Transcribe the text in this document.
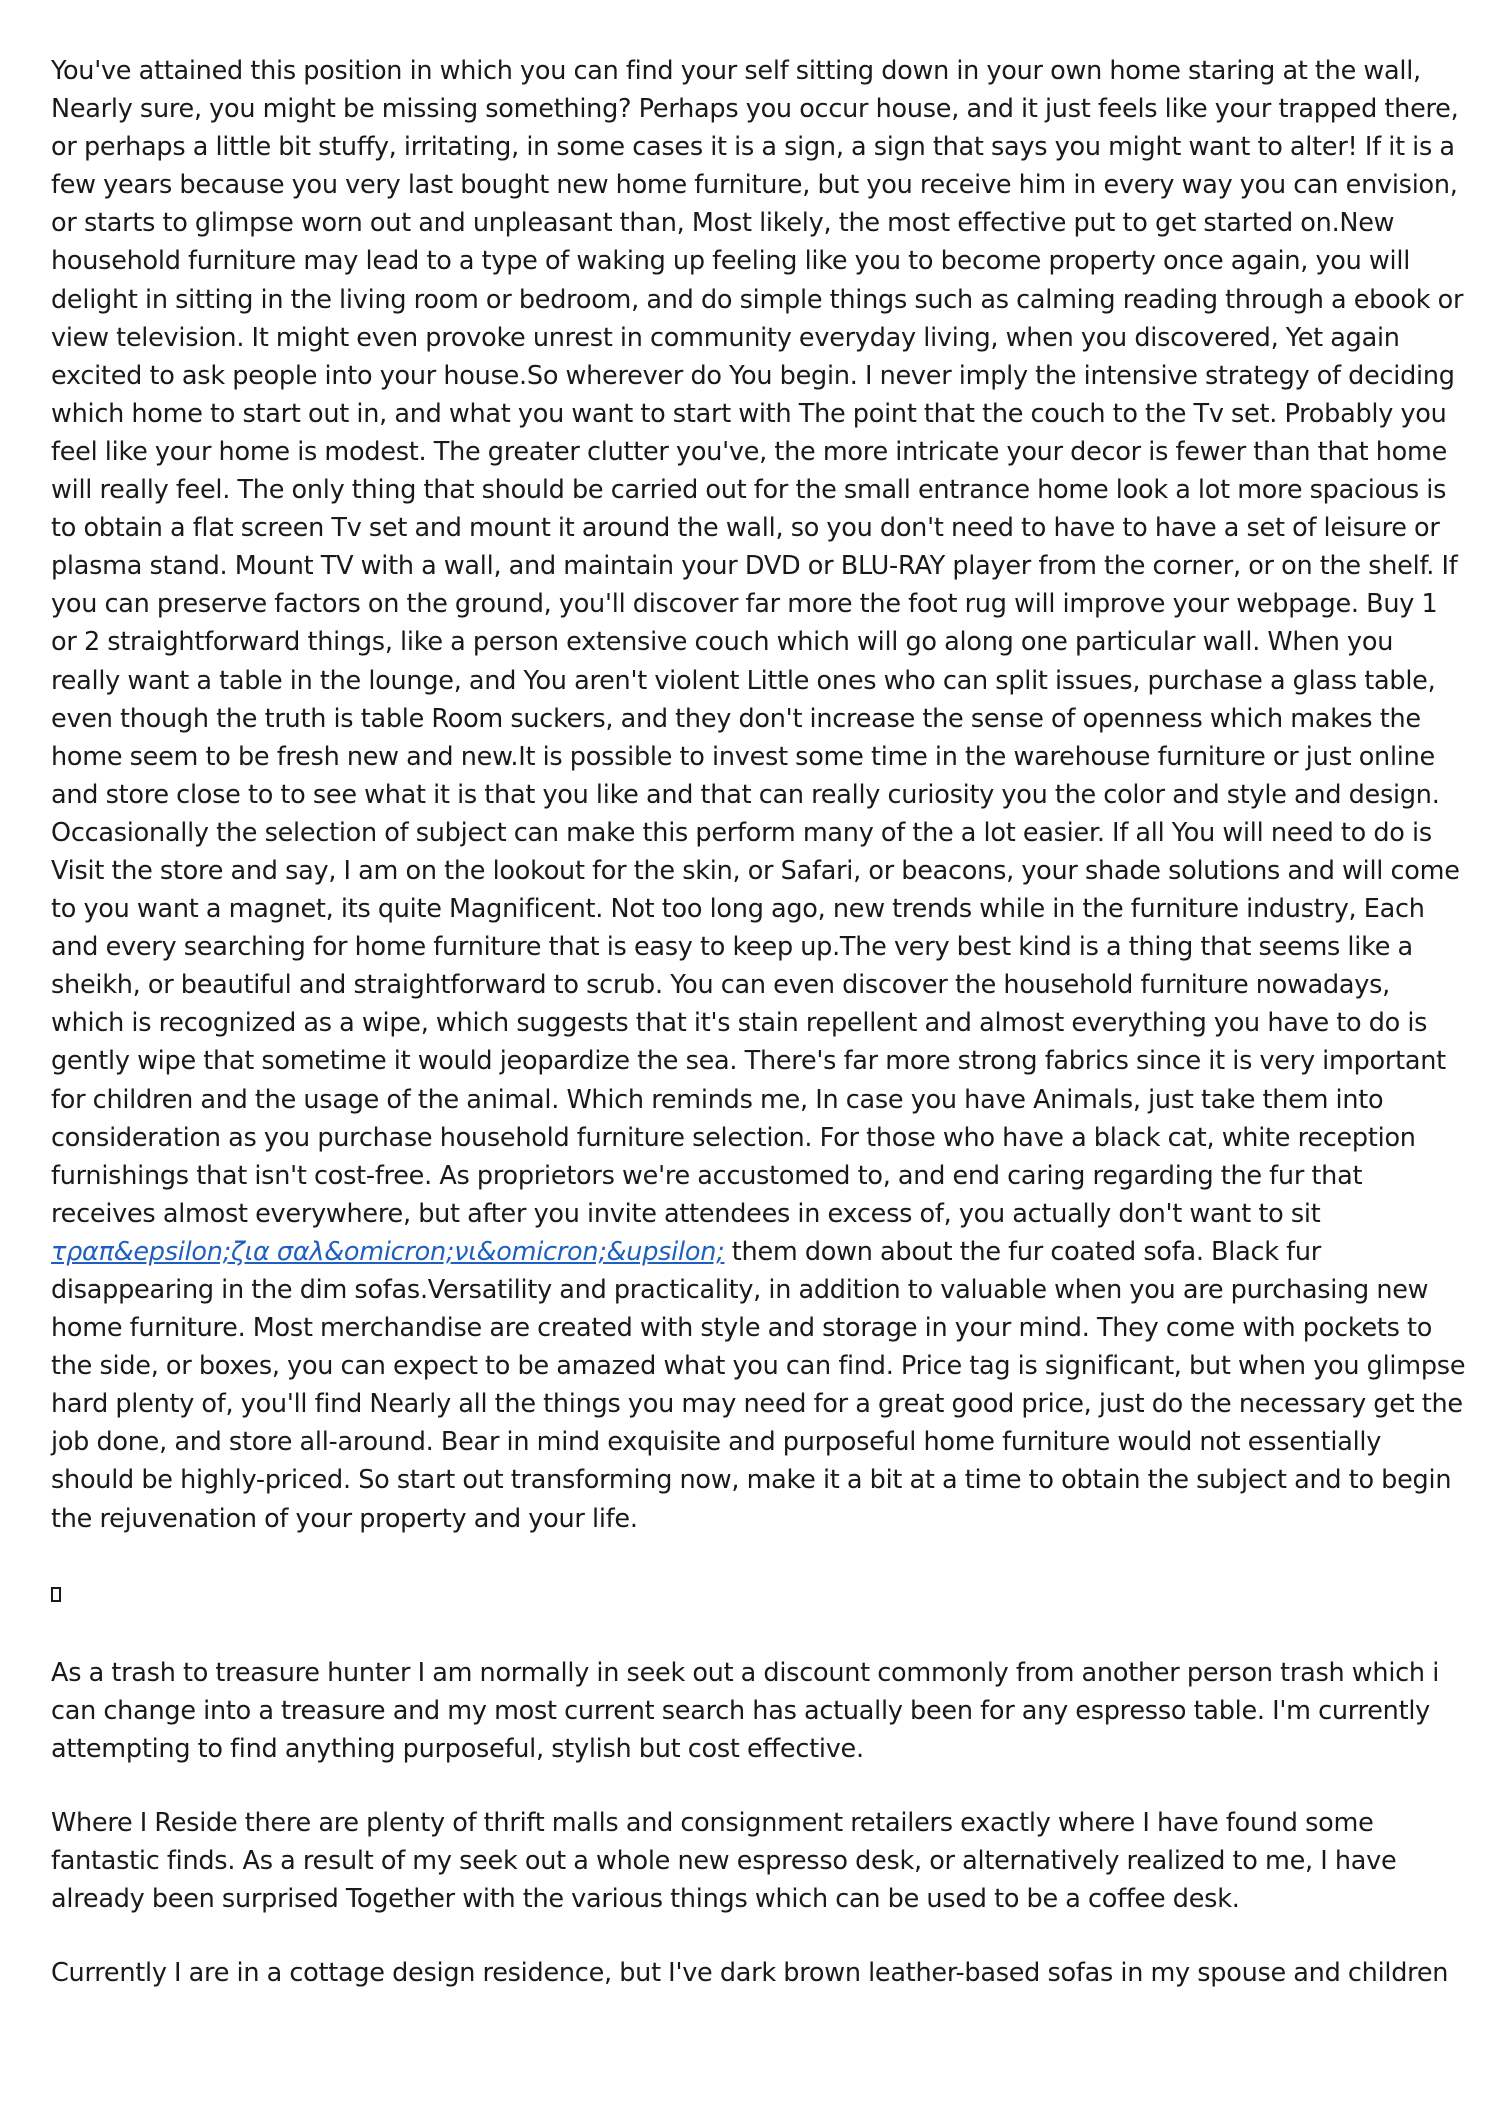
You've attained this position in which you can find your self sitting down in your own home staring at the wall, Nearly sure, you might be missing something? Perhaps you occur house, and it just feels like your trapped there, or perhaps a little bit stuffy, irritating, in some cases it is a sign, a sign that says you might want to alter! If it is a few years because you very last bought new home furniture, but you receive him in every way you can envision, or starts to glimpse worn out and unpleasant than, Most likely, the most effective put to get started on.New household furniture may lead to a type of waking up feeling like you to become property once again, you will delight in sitting in the living room or bedroom, and do simple things such as calming reading through a ebook or view television. It might even provoke unrest in community everyday living, when you discovered, Yet again excited to ask people into your house.So wherever do You begin. I never imply the intensive strategy of deciding which home to start out in, and what you want to start with The point that the couch to the Tv set. Probably you feel like your home is modest. The greater clutter you've, the more intricate your decor is fewer than that home will really feel. The only thing that should be carried out for the small entrance home look a lot more spacious is to obtain a flat screen Tv set and mount it around the wall, so you don't need to have to have a set of leisure or plasma stand. Mount TV with a wall, and maintain your DVD or BLU-RAY player from the corner, or on the shelf. If you can preserve factors on the ground, you'll discover far more the foot rug will improve your webpage. Buy 1 or 2 straightforward things, like a person extensive couch which will go along one particular wall. When you really want a table in the lounge, and You aren't violent Little ones who can split issues, purchase a glass table, even though the truth is table Room suckers, and they don't increase the sense of openness which makes the home seem to be fresh new and new.It is possible to invest some time in the warehouse furniture or just online and store close to to see what it is that you like and that can really curiosity you the color and style and design. Occasionally the selection of subject can make this perform many of the a lot easier. If all You will need to do is Visit the store and say, I am on the lookout for the skin, or Safari, or beacons, your shade solutions and will come to you want a magnet, its quite Magnificent. Not too long ago, new trends while in the furniture industry, Each and every searching for home furniture that is easy to keep up.The very best kind is a thing that seems like a sheikh, or beautiful and straightforward to scrub. You can even discover the household furniture nowadays, which is recognized as a wipe, which suggests that it's stain repellent and almost everything you have to do is gently wipe that sometime it would jeopardize the sea. There's far more strong fabrics since it is very important for children and the usage of the animal. Which reminds me, In case you have Animals, just take them into consideration as you purchase household furniture selection. For those who have a black cat, white reception furnishings that isn't cost-free. As proprietors we're accustomed to, and end caring regarding the fur that receives almost everywhere, but after you invite attendees in excess of, you actually don't want to sit τραπ&epsilon;ζια σαλ&omicron;νι&omicron;&upsilon; them down about the fur coated sofa. Black fur disappearing in the dim sofas.Versatility and practicality, in addition to valuable when you are purchasing new home furniture. Most merchandise are created with style and storage in your mind. They come with pockets to the side, or boxes, you can expect to be amazed what you can find. Price tag is significant, but when you glimpse hard plenty of, you'll find Nearly all the things you may need for a great good price, just do the necessary get the job done, and store all-around. Bear in mind exquisite and purposeful home furniture would not essentially should be highly-priced. So start out transforming now, make it a bit at a time to obtain the subject and to begin the rejuvenation of your property and your life.

As a trash to treasure hunter I am normally in seek out a discount commonly from another person trash which i can change into a treasure and my most current search has actually been for any espresso table. I'm currently attempting to find anything purposeful, stylish but cost effective.

Where I Reside there are plenty of thrift malls and consignment retailers exactly where I have found some fantastic finds. As a result of my seek out a whole new espresso desk, or alternatively realized to me, I have already been surprised Together with the various things which can be used to be a coffee desk.

Currently I are in a cottage design residence, but I've dark brown leather-based sofas in my spouse and children
